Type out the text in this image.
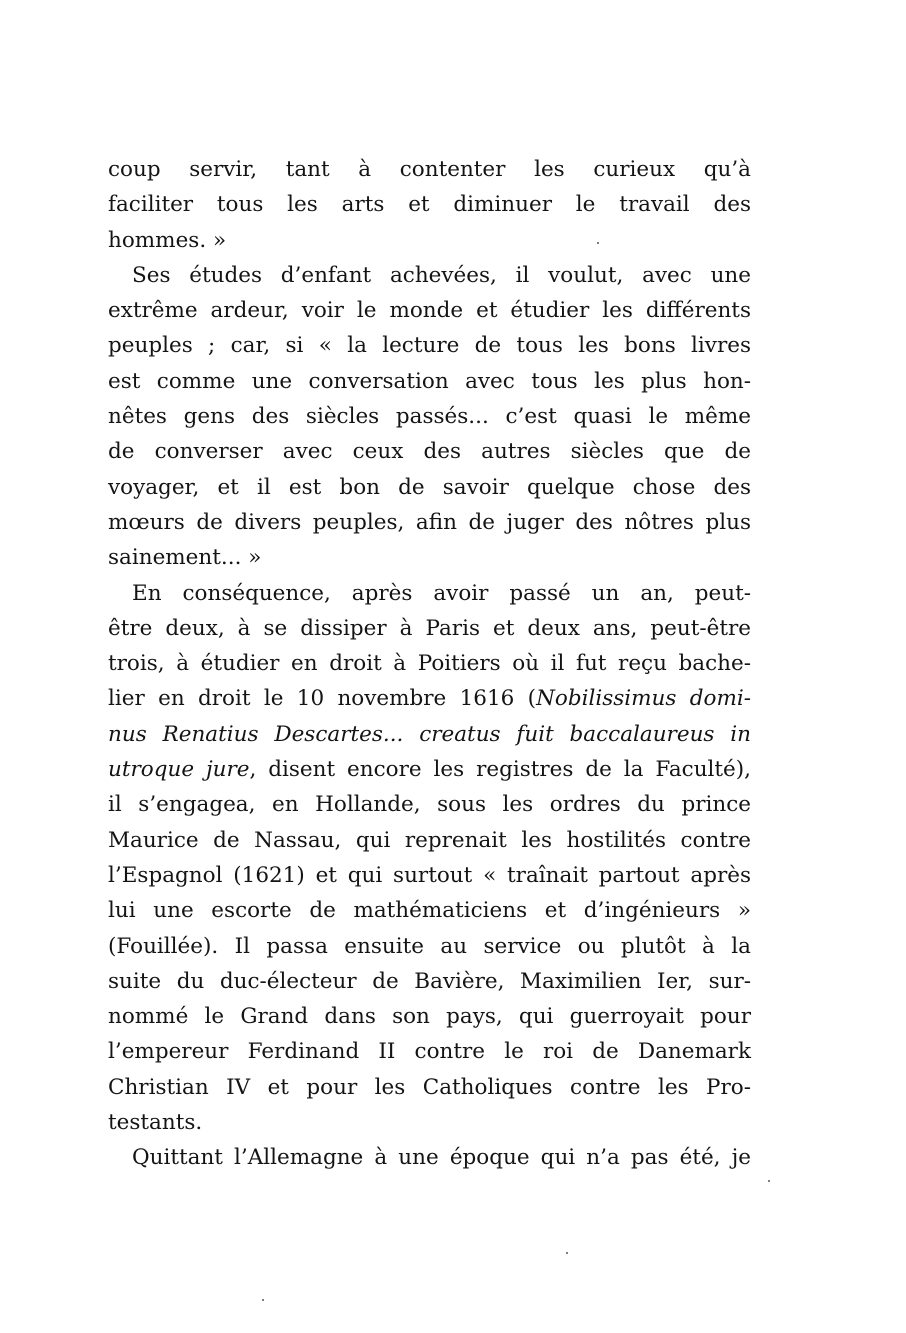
coup servir, tant à contenter les curieux qu’à
faciliter tous les arts et diminuer le travail des
hommes. »
Ses études d’enfant achevées, il voulut, avec une
extrême ardeur, voir le monde et étudier les différents
peuples ; car, si « la lecture de tous les bons livres
est comme une conversation avec tous les plus hon-
nêtes gens des siècles passés... c’est quasi le même
de converser avec ceux des autres siècles que de
voyager, et il est bon de savoir quelque chose des
mœurs de divers peuples, afin de juger des nôtres plus
sainement... »
En conséquence, après avoir passé un an, peut-
être deux, à se dissiper à Paris et deux ans, peut-être
trois, à étudier en droit à Poitiers où il fut reçu bache-
lier en droit le 10 novembre 1616 (Nobilissimus domi-
nus Renatius Descartes... creatus fuit baccalaureus in
utroque jure, disent encore les registres de la Faculté),
il s’engagea, en Hollande, sous les ordres du prince
Maurice de Nassau, qui reprenait les hostilités contre
l’Espagnol (1621) et qui surtout « traînait partout après
lui une escorte de mathématiciens et d’ingénieurs »
(Fouillée). Il passa ensuite au service ou plutôt à la
suite du duc-électeur de Bavière, Maximilien Ier, sur-
nommé le Grand dans son pays, qui guerroyait pour
l’empereur Ferdinand II contre le roi de Danemark
Christian IV et pour les Catholiques contre les Pro-
testants.
Quittant l’Allemagne à une époque qui n’a pas été, je
